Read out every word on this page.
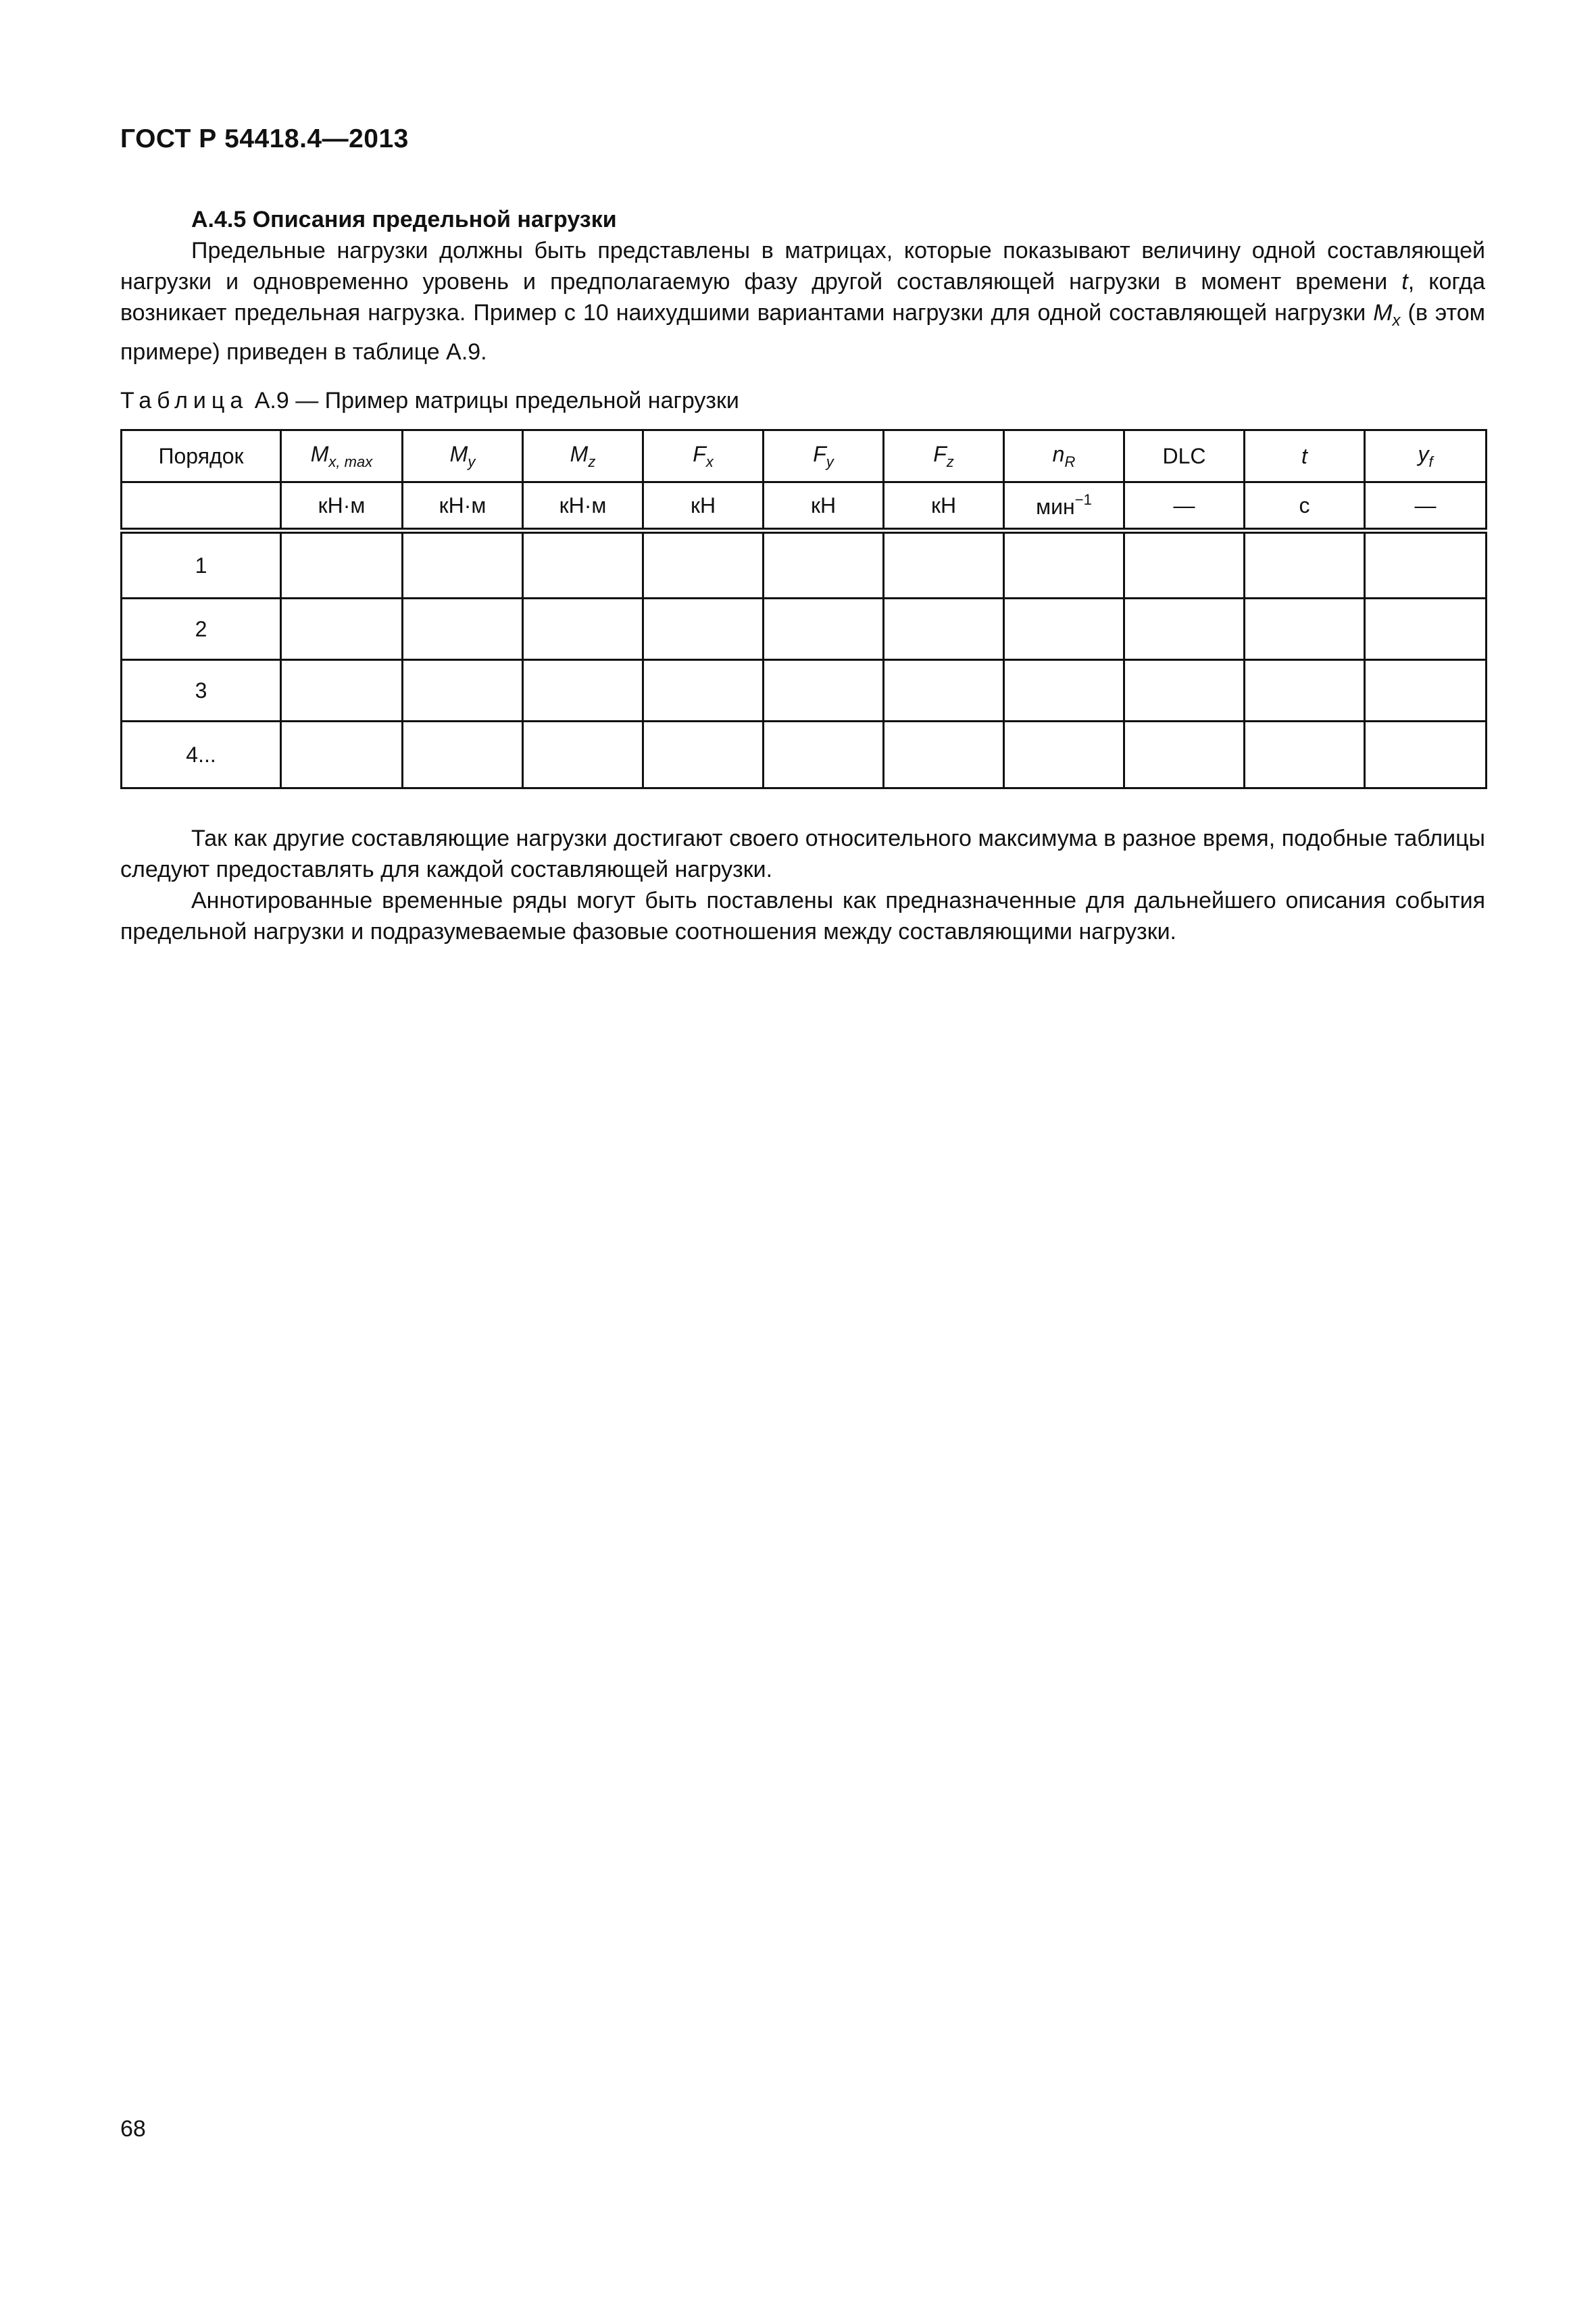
ГОСТ Р 54418.4—2013
А.4.5 Описания предельной нагрузки

Предельные нагрузки должны быть представлены в матрицах, которые показывают величину одной составляющей нагрузки и одновременно уровень и предполагаемую фазу другой составляющей нагрузки в момент времени t, когда возникает предельная нагрузка. Пример с 10 наихудшими вариантами нагрузки для одной составляющей нагрузки $M_x$ (в этом примере) приведен в таблице А.9.

Таблица А.9 — Пример матрицы предельной нагрузки
Порядок	$M_{x, max}$	$M_y$	$M_z$	$F_x$	$F_y$	$F_z$	$n_R$	DLC	t	$y_f$
	кН·м	кН·м	кН·м	кН	кН	кН	мин$^{-1}$	—	с	—
1										
2										
3										
4...										

Так как другие составляющие нагрузки достигают своего относительного максимума в разное время, подобные таблицы следуют предоставлять для каждой составляющей нагрузки.

Аннотированные временные ряды могут быть поставлены как предназначенные для дальнейшего описания события предельной нагрузки и подразумеваемые фазовые соотношения между составляющими нагрузки.

68
